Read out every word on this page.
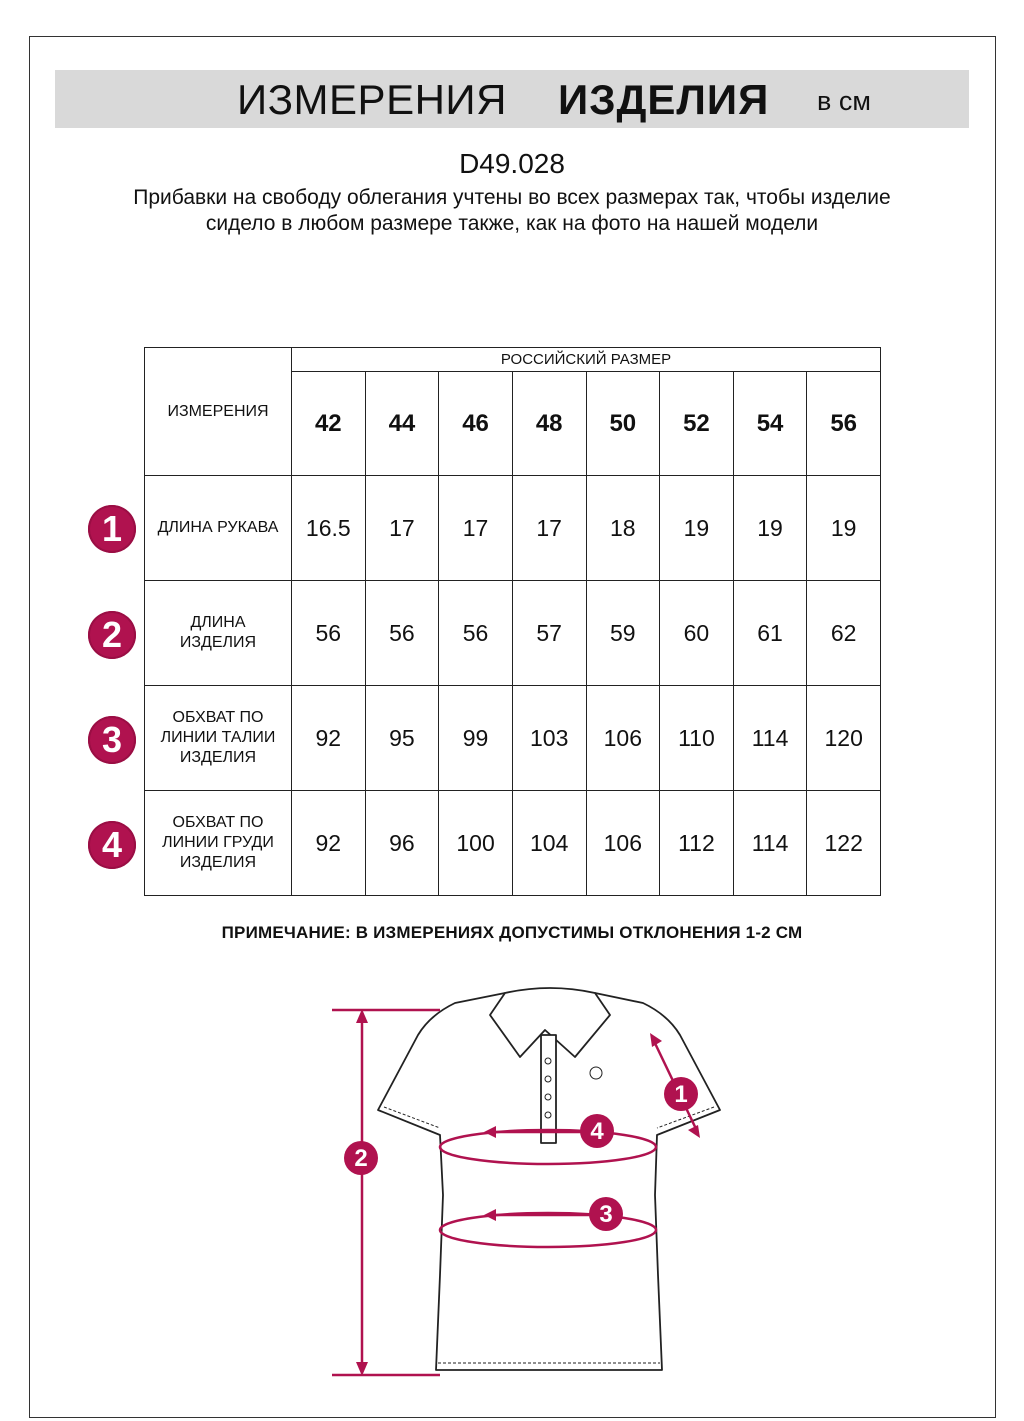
ИЗМЕРЕНИЯ ИЗДЕЛИЯ в см
D49.028
Прибавки на свободу облегания учтены во всех размерах так, чтобы изделие сидело в любом размере также, как на фото на нашей модели
ИЗМЕРЕНИЯ	РОССИЙСКИЙ РАЗМЕР							
	42	44	46	48	50	52	54	56
ДЛИНА РУКАВА	16.5	17	17	17	18	19	19	19
ДЛИНА
ИЗДЕЛИЯ	56	56	56	57	59	60	61	62
ОБХВАТ ПО
ЛИНИИ ТАЛИИ
ИЗДЕЛИЯ	92	95	99	103	106	110	114	120
ОБХВАТ ПО
ЛИНИИ ГРУДИ
ИЗДЕЛИЯ	92	96	100	104	106	112	114	122
1
2
3
4
ПРИМЕЧАНИЕ: В ИЗМЕРЕНИЯХ ДОПУСТИМЫ ОТКЛОНЕНИЯ 1-2 СМ
2
1
4
3
